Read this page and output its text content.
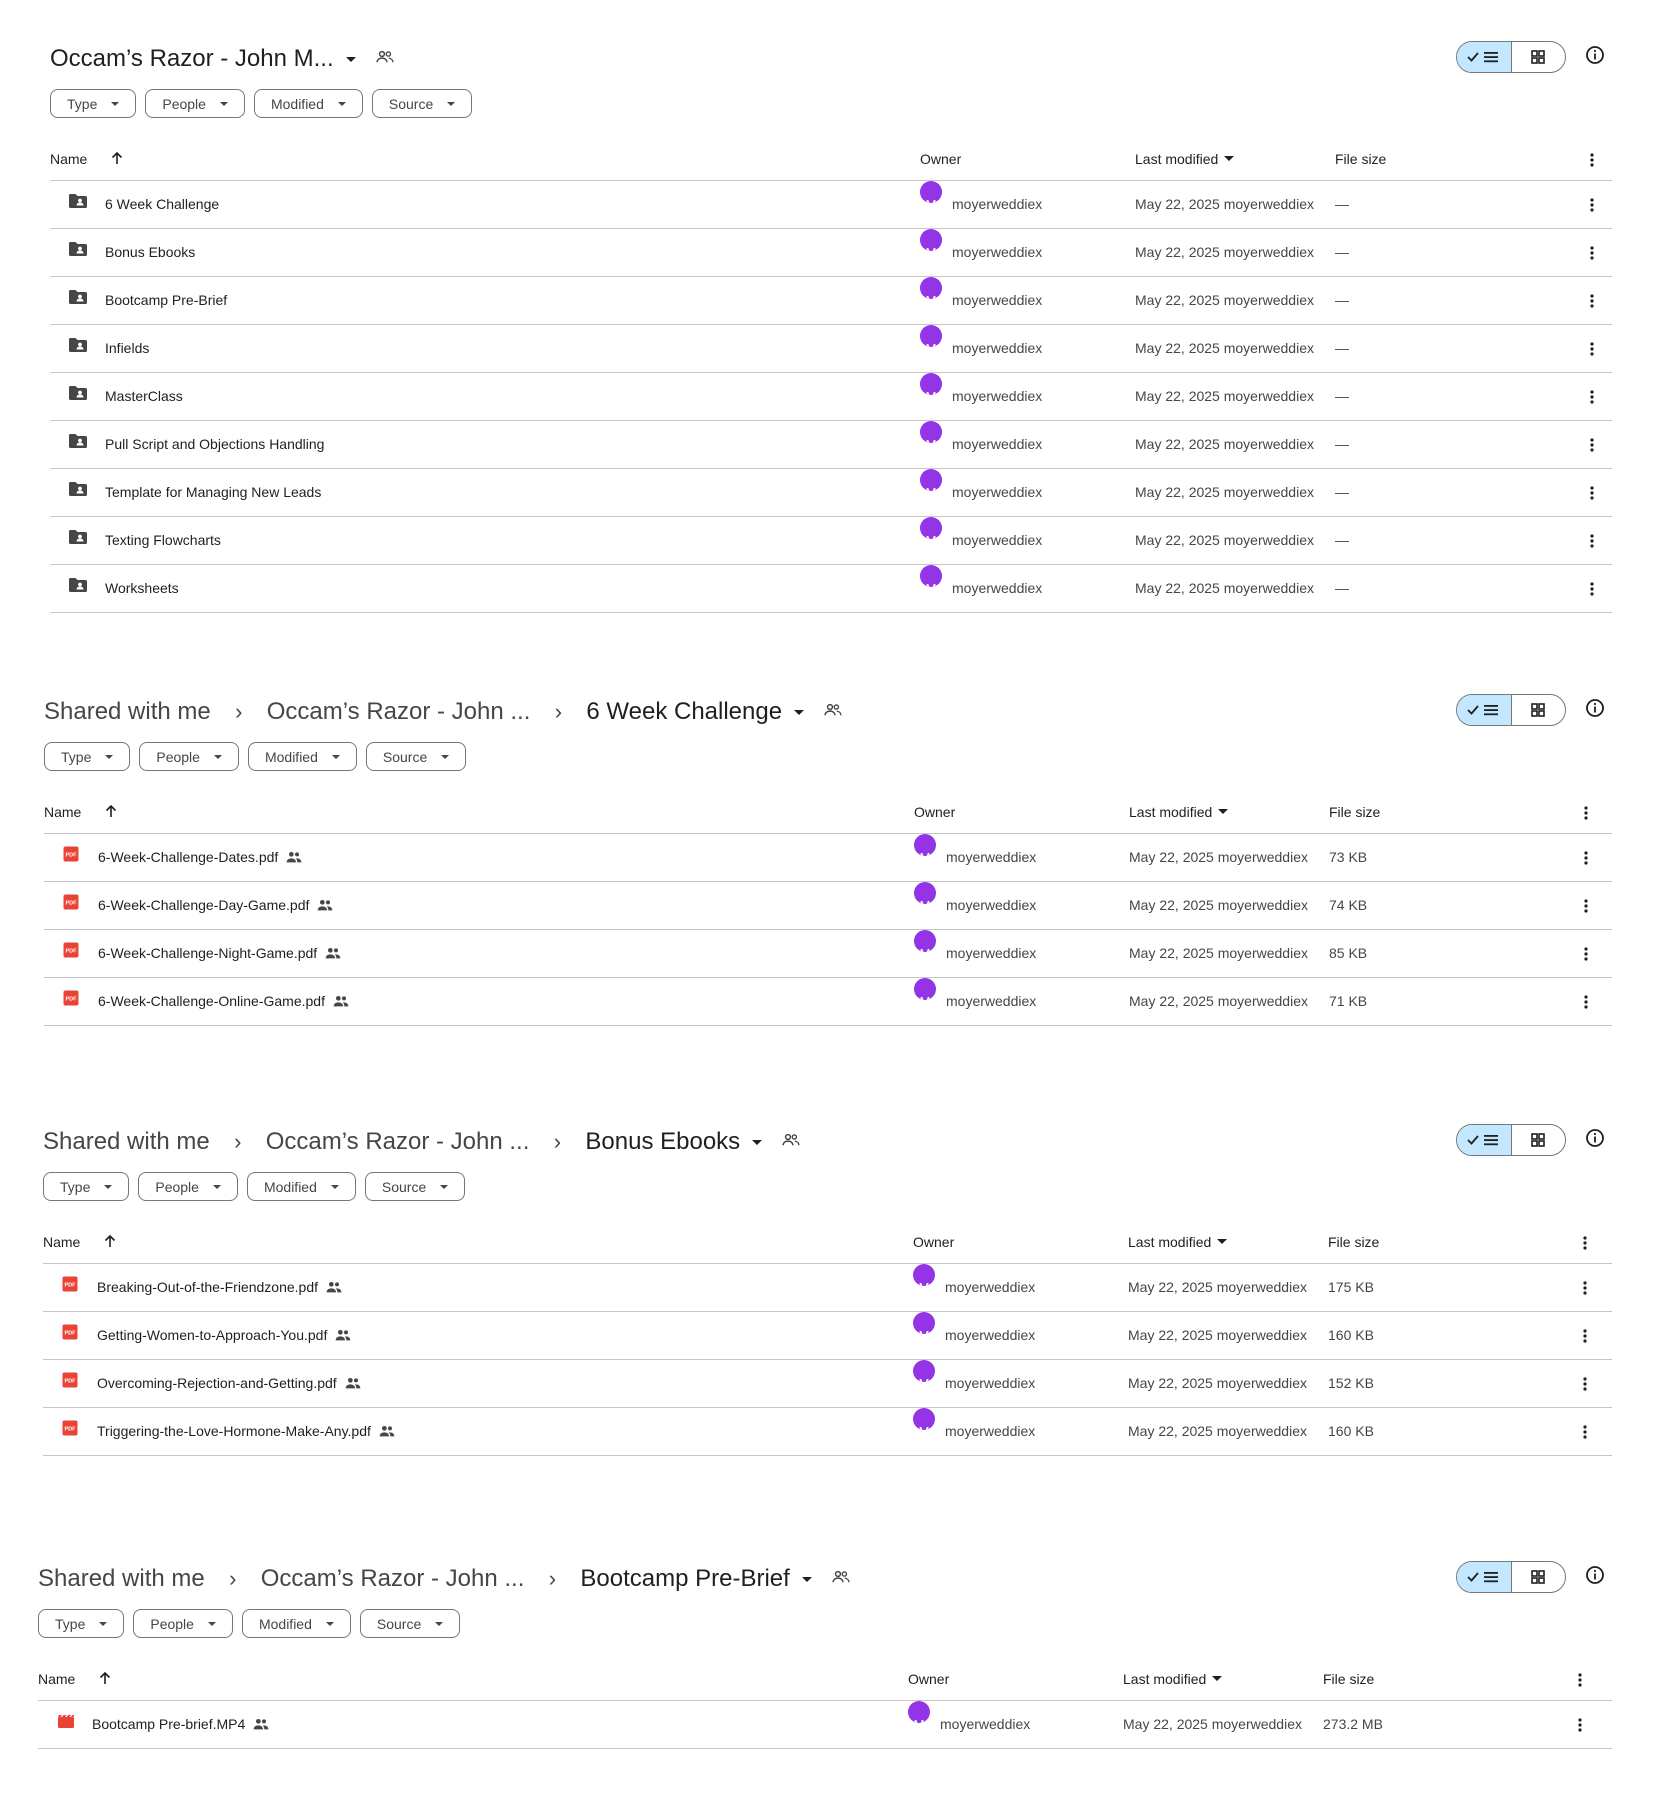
Occam’s Razor - John M...
Type	People	Modified	Source
Name	Owner	Last modified	File size
6 Week Challenge	M	moyerweddiex	May 22, 2025 moyerweddiex —
Bonus Ebooks	M	moyerweddiex	May 22, 2025 moyerweddiex —
Bootcamp Pre-Brief	M	moyerweddiex	May 22, 2025 moyerweddiex —
Infields	M	moyerweddiex	May 22, 2025 moyerweddiex —
MasterClass	M	moyerweddiex	May 22, 2025 moyerweddiex —
Pull Script and Objections Handling	M	moyerweddiex	May 22, 2025 moyerweddiex —
Template for Managing New Leads	M	moyerweddiex	May 22, 2025 moyerweddiex —
Texting Flowcharts	M	moyerweddiex	May 22, 2025 moyerweddiex —
Worksheets	M	moyerweddiex	May 22, 2025 moyerweddiex —
Shared with me	›	Occam’s Razor - John ...	›	6 Week Challenge
Type	People	Modified	Source
Name	Owner	Last modified	File size
PDF 6-Week-Challenge-Dates.pdf	M	moyerweddiex	May 22, 2025 moyerweddiex 73 KB
PDF 6-Week-Challenge-Day-Game.pdf	M	moyerweddiex	May 22, 2025 moyerweddiex 74 KB
PDF 6-Week-Challenge-Night-Game.pdf	M	moyerweddiex	May 22, 2025 moyerweddiex 85 KB
PDF 6-Week-Challenge-Online-Game.pdf	M	moyerweddiex	May 22, 2025 moyerweddiex 71 KB
Shared with me	›	Occam’s Razor - John ...	›	Bonus Ebooks
Type	People	Modified	Source
Name	Owner	Last modified	File size
PDF Breaking-Out-of-the-Friendzone.pdf	M	moyerweddiex	May 22, 2025 moyerweddiex 175 KB
PDF Getting-Women-to-Approach-You.pdf	M	moyerweddiex	May 22, 2025 moyerweddiex 160 KB
PDF Overcoming-Rejection-and-Getting.pdf	M	moyerweddiex	May 22, 2025 moyerweddiex 152 KB
PDF Triggering-the-Love-Hormone-Make-Any.pdf	M	moyerweddiex	May 22, 2025 moyerweddiex 160 KB
Shared with me	›	Occam’s Razor - John ...	›	Bootcamp Pre-Brief
Type	People	Modified	Source
Name	Owner	Last modified	File size
Bootcamp Pre-brief.MP4	M	moyerweddiex	May 22, 2025 moyerweddiex 273.2 MB
